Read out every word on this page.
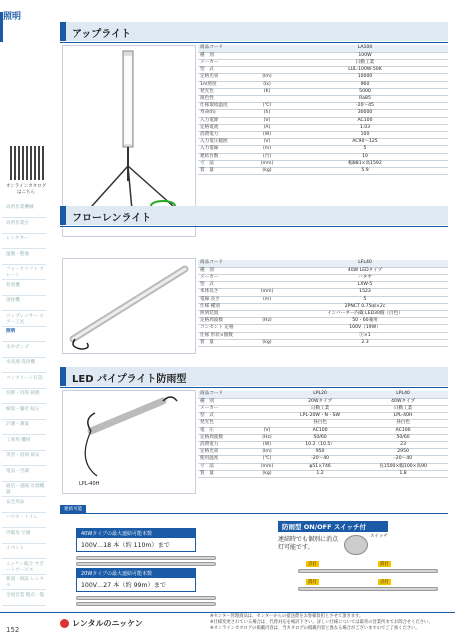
照明
オンラインカタログはこちら
高所作業機械
高所作業台
レンタカー
運搬・整地
フォークリフト クレーン
発電機
溶接機
コンプレッサー エアー工具
照明
水中ポンプ
水処理 洗浄機
コンクリート打設
切断・切削 研磨
締固・舗装 転圧
計測・測量
工事用 機材
災害・清掃 保安
電気・空調
通信・遠隔 計測機器
安全用品
ハウス・トイレ
冷暖房 空調
イベント
ニッケン総合 サポートサービス
新規・保証 レンタル
全国営業 拠点一覧
152
アップライト
商品コード		LA100
種　別		100W
メーカー		日動工業
型　式		LUL-100W-50K
定格光束	(lm)	10000
1m照度	(lx)	960
発光色	(K)	5000
演色性		Ra85
仕様環境温度	(℃)	-20〜45
寿命(h)	(h)	30000
入力電源	(V)	AC100
定格電流	(A)	1.03
消費電力	(W)	100
入力電圧範囲	(V)	AC90〜125
入力電線	(m)	5
連結台数	(台)	10
寸　法	(mm)	幅881×高1592
質　量	(kg)	5.9
フローレンライト
商品コード		LFL40
種　別		40W LEDタイプ
メーカー		ハタヤ
型　式		LXW-5
本体長さ	(mm)	1523
電線 長さ	(m)	5
仕様 種別		2PNCT 0.75㎟×2c
照明装置		インバーター内蔵 LED30個（白色）
定格周波数	(Hz)	50・60兼用
コンセント 定格		100V（19W）
仕様 形状×個数		㊉×1
質　量	(kg)	2.3
LED パイプライト防雨型
LPL-40H
商品コード		LPL20	LPL40
種　別		20Wタイプ	40Wタイプ
メーカー		日動工業	日動工業
型　式		LPL-20W・N・SW	LPL-40H
発光色		昼白色	昼白色
電　圧	(V)	AC100	AC100
定格周波数	(Hz)	50/60	50/60
消費電力	(W)	10.2（10.5）	23
定格光束	(lm)	950	2950
使用温度	(℃)	-20〜40	-20〜40
寸　法	(mm)	φ51×746	長1500×幅100×高90
質　量	(kg)	1.2	1.8
連結可能
40Wタイプの最大連結可能本数
100V…18 本（約 110m）まで
20Wタイプの最大連結可能本数
100V…27 本（約 99m）まで
防雨型 ON/OFF スイッチ付
連結時でも個別に消点灯可能です。
スイッチ
点灯	消灯
消灯	点灯
レンタルのニッケン
※センター管理商品は、センターからの提送費をお客様負担とさせて頂きます。
※仕様変更されている場合は、代替対応を検討下さい。詳しい仕様については最寄の営業所までお問合せください。
※オンラインカタログの掲載内容は、当カタログの掲載内容と異なる場合がございますのでご了承ください。
